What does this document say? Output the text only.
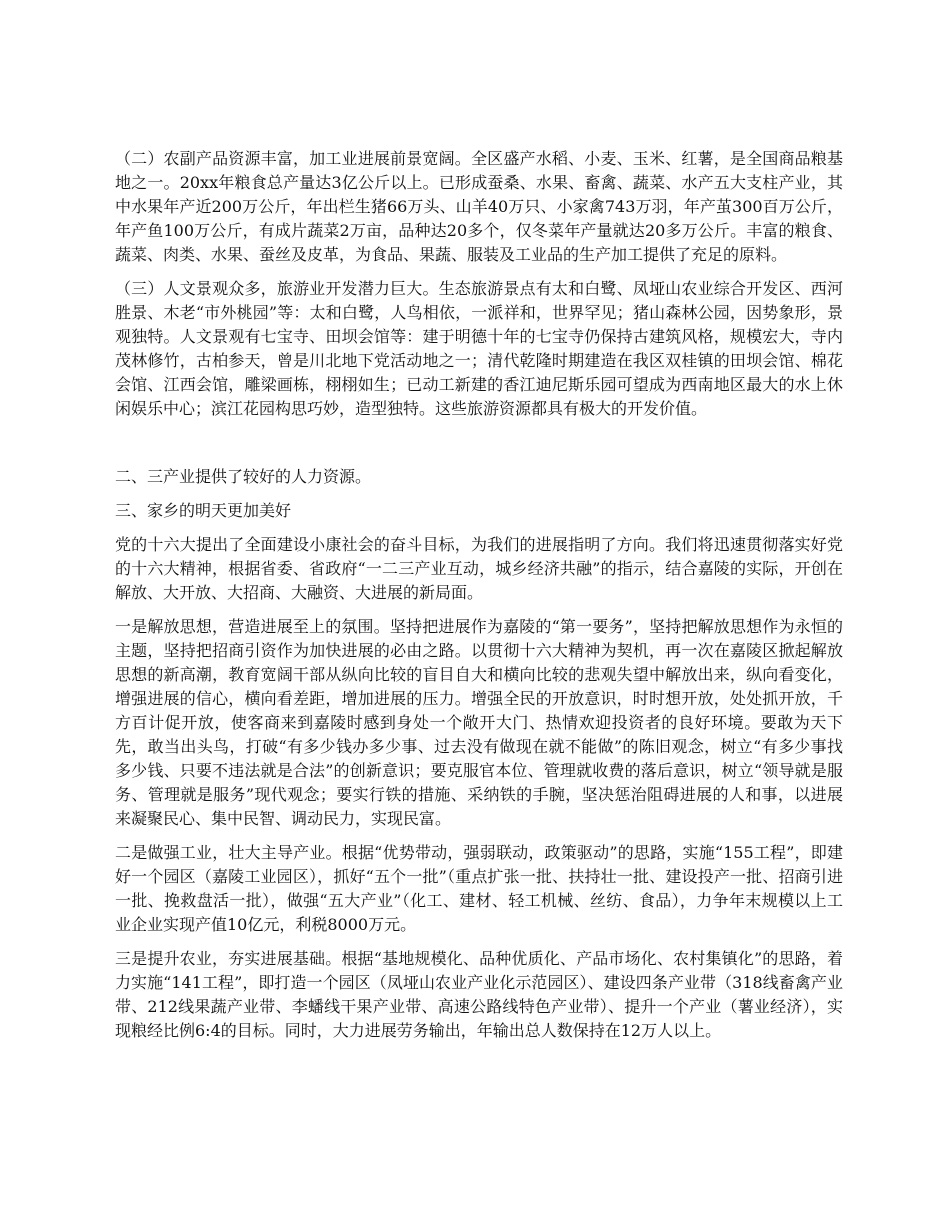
（二）农副产品资源丰富，加工业进展前景宽阔。全区盛产水稻、小麦、玉米、红薯，是全国商品粮基地之一。20xx年粮食总产量达3亿公斤以上。已形成蚕桑、水果、畜禽、蔬菜、水产五大支柱产业，其中水果年产近200万公斤，年出栏生猪66万头、山羊40万只、小家禽743万羽，年产茧300百万公斤，年产鱼100万公斤，有成片蔬菜2万亩，品种达20多个，仅冬菜年产量就达20多万公斤。丰富的粮食、蔬菜、肉类、水果、蚕丝及皮革，为食品、果蔬、服装及工业品的生产加工提供了充足的原料。

（三）人文景观众多，旅游业开发潜力巨大。生态旅游景点有太和白鹭、凤垭山农业综合开发区、西河胜景、木老“市外桃园”等：太和白鹭，人鸟相依，一派祥和，世界罕见；猪山森林公园，因势象形，景观独特。人文景观有七宝寺、田坝会馆等：建于明德十年的七宝寺仍保持古建筑风格，规模宏大，寺内茂林修竹，古柏参天，曾是川北地下党活动地之一；清代乾隆时期建造在我区双桂镇的田坝会馆、棉花会馆、江西会馆，雕梁画栋，栩栩如生；已动工新建的香江迪尼斯乐园可望成为西南地区最大的水上休闲娱乐中心；滨江花园构思巧妙，造型独特。这些旅游资源都具有极大的开发价值。

二、三产业提供了较好的人力资源。

三、家乡的明天更加美好

党的十六大提出了全面建设小康社会的奋斗目标，为我们的进展指明了方向。我们将迅速贯彻落实好党的十六大精神，根据省委、省政府“一二三产业互动，城乡经济共融”的指示，结合嘉陵的实际，开创在解放、大开放、大招商、大融资、大进展的新局面。

一是解放思想，营造进展至上的氛围。坚持把进展作为嘉陵的“第一要务”，坚持把解放思想作为永恒的主题，坚持把招商引资作为加快进展的必由之路。以贯彻十六大精神为契机，再一次在嘉陵区掀起解放思想的新高潮，教育宽阔干部从纵向比较的盲目自大和横向比较的悲观失望中解放出来，纵向看变化，增强进展的信心，横向看差距，增加进展的压力。增强全民的开放意识，时时想开放，处处抓开放，千方百计促开放，使客商来到嘉陵时感到身处一个敞开大门、热情欢迎投资者的良好环境。要敢为天下先，敢当出头鸟，打破“有多少钱办多少事、过去没有做现在就不能做”的陈旧观念，树立“有多少事找多少钱、只要不违法就是合法”的创新意识；要克服官本位、管理就收费的落后意识，树立“领导就是服务、管理就是服务”现代观念；要实行铁的措施、采纳铁的手腕，坚决惩治阻碍进展的人和事，以进展来凝聚民心、集中民智、调动民力，实现民富。

二是做强工业，壮大主导产业。根据“优势带动，强弱联动，政策驱动”的思路，实施“155工程”，即建好一个园区（嘉陵工业园区），抓好“五个一批”（重点扩张一批、扶持壮一批、建设投产一批、招商引进一批、挽救盘活一批），做强“五大产业”（化工、建材、轻工机械、丝纺、食品），力争年末规模以上工业企业实现产值10亿元，利税8000万元。

三是提升农业，夯实进展基础。根据“基地规模化、品种优质化、产品市场化、农村集镇化”的思路，着力实施“141工程”，即打造一个园区（凤垭山农业产业化示范园区）、建设四条产业带（318线畜禽产业带、212线果蔬产业带、李蟠线干果产业带、高速公路线特色产业带）、提升一个产业（薯业经济），实现粮经比例6:4的目标。同时，大力进展劳务输出，年输出总人数保持在12万人以上。
